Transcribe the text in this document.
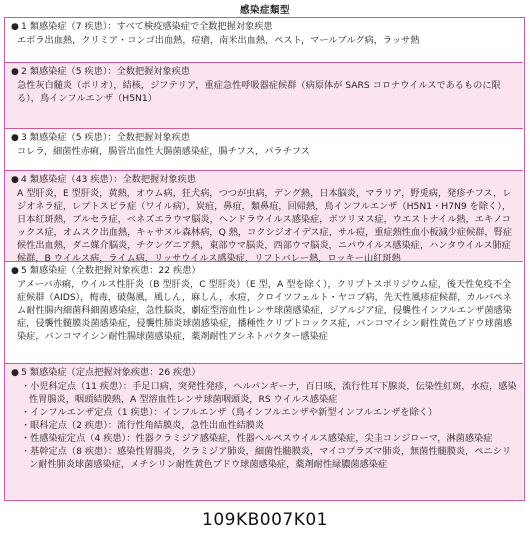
感染症類型
● 1 類感染症（7 疾患）：すべて検疫感染症で全数把握対象疾患
エボラ出血熱，クリミア・コンゴ出血熱，痘瘡，南米出血熱，ペスト，マールブルグ病，ラッサ熱
● 2 類感染症（5 疾患）：全数把握対象疾患
急性灰白髄炎（ポリオ），結核，ジフテリア，重症急性呼吸器症候群（病原体が SARS コロナウイルスであるものに限る），鳥インフルエンザ（H5N1）
● 3 類感染症（5 疾患）：全数把握対象疾患
コレラ，細菌性赤痢，腸管出血性大腸菌感染症，腸チフス，パラチフス
● 4 類感染症（43 疾患）：全数把握対象疾患
A 型肝炎，E 型肝炎，黄熱，オウム病，狂犬病，つつが虫病，デング熱，日本脳炎，マラリア，野兎病，発疹チフス，レジオネラ症，レプトスピラ症（ワイル病），炭疽，鼻疽，類鼻疽，回帰熱，鳥インフルエンザ（H5N1・H7N9 を除く），日本紅斑熱，ブルセラ症，ベネズエラウマ脳炎，ヘンドラウイルス感染症，ボツリヌス症，ウエストナイル熱，エキノコックス症，オムスク出血熱，キャサヌル森林病，Q 熱，コクシジオイデス症，サル痘，重症熱性血小板減少症候群，腎症候性出血熱，ダニ媒介脳炎，チクングニア熱，東部ウマ脳炎，西部ウマ脳炎，ニパウイルス感染症，ハンタウイルス肺症候群，B ウイルス病，ライム病，リッサウイルス感染症，リフトバレー熱，ロッキー山紅斑熱
● 5 類感染症（全数把握対象疾患：22 疾患）
アメーバ赤痢，ウイルス性肝炎（B 型肝炎，C 型肝炎）（E 型，A 型を除く），クリプトスポリジウム症，後天性免疫不全症候群（AIDS），梅毒，破傷風，風しん，麻しん，水痘，クロイツフェルト・ヤコブ病，先天性風疹症候群，カルバペネム耐性腸内細菌科細菌感染症，急性脳炎，劇症型溶血性レンサ球菌感染症，ジアルジア症，侵襲性インフルエンザ菌感染症，侵襲性髄膜炎菌感染症，侵襲性肺炎球菌感染症，播種性クリプトコックス症，バンコマイシン耐性黄色ブドウ球菌感染症，バンコマイシン耐性腸球菌感染症，薬剤耐性アシネトバクター感染症
● 5 類感染症（定点把握対象疾患：26 疾患）
・小児科定点（11 疾患）：手足口病，突発性発疹，ヘルパンギーナ，百日咳，流行性耳下腺炎，伝染性紅斑，水痘，感染性胃腸炎，咽頭結膜熱，A 型溶血性レンサ球菌咽頭炎，RS ウイルス感染症
・インフルエンザ定点（1 疾患）：インフルエンザ（鳥インフルエンザや新型インフルエンザを除く）
・眼科定点（2 疾患）：流行性角結膜炎，急性出血性結膜炎
・性感染症定点（4 疾患）：性器クラミジア感染症，性器ヘルペスウイルス感染症，尖圭コンジローマ，淋菌感染症
・基幹定点（8 疾患）：感染性胃腸炎，クラミジア肺炎，細菌性髄膜炎，マイコプラズマ肺炎，無菌性髄膜炎，ペニシリン耐性肺炎球菌感染症，メチシリン耐性黄色ブドウ球菌感染症，薬剤耐性緑膿菌感染症
109KB007K01
